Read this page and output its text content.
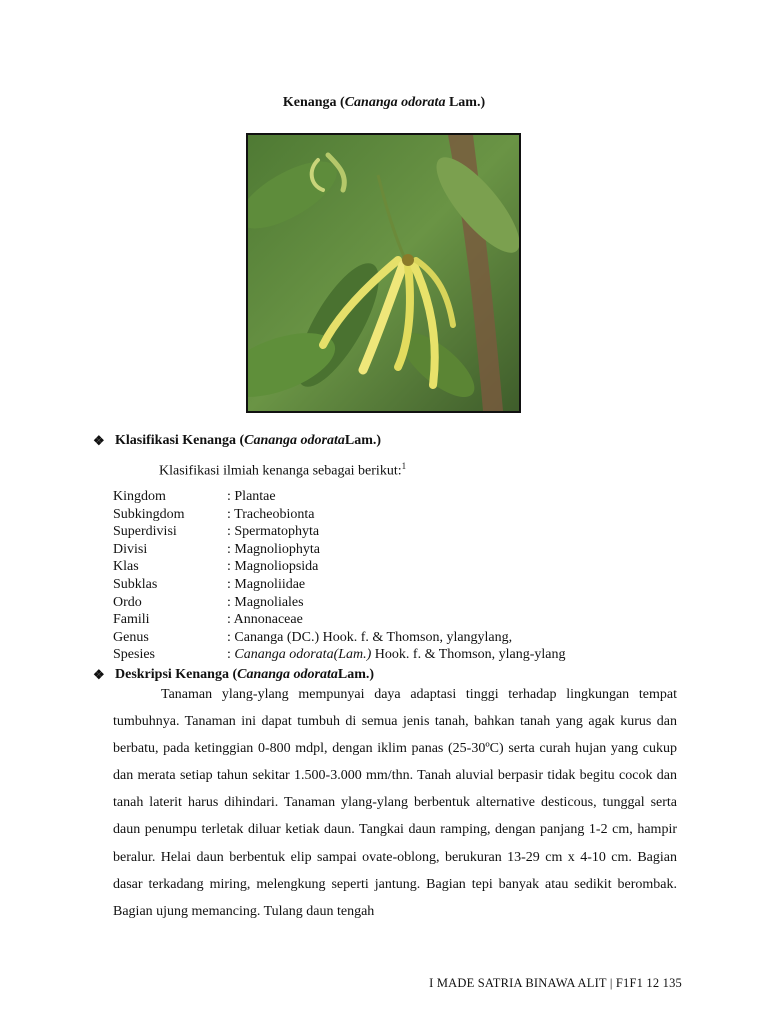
Kenanga (Cananga odorata Lam.)
❖ Klasifikasi Kenanga ( Cananga odorata Lam.)
Klasifikasi ilmiah kenanga sebagai berikut:$^1$
Kingdom	: Plantae
Subkingdom	: Tracheobionta
Superdivisi	: Spermatophyta
Divisi	: Magnoliophyta
Klas	: Magnoliopsida
Subklas	: Magnoliidae
Ordo	: Magnoliales
Famili	: Annonaceae
Genus	: Cananga (DC.) Hook. f. & Thomson, ylangylang,
Spesies	: Cananga odorata(Lam.) Hook. f. & Thomson, ylang-ylang
❖ Deskripsi Kenanga ( Cananga odorata Lam.)
Tanaman ylang-ylang mempunyai daya adaptasi tinggi terhadap lingkungan tempat tumbuhnya. Tanaman ini dapat tumbuh di semua jenis tanah, bahkan tanah yang agak kurus dan berbatu, pada ketinggian 0-800 mdpl, dengan iklim panas (25-30ºC) serta curah hujan yang cukup dan merata setiap tahun sekitar 1.500-3.000 mm/thn. Tanah aluvial berpasir tidak begitu cocok dan tanah laterit harus dihindari. Tanaman ylang-ylang berbentuk alternative desticous, tunggal serta daun penumpu terletak diluar ketiak daun. Tangkai daun ramping, dengan panjang 1-2 cm, hampir beralur. Helai daun berbentuk elip sampai ovate-oblong, berukuran 13-29 cm x 4-10 cm. Bagian dasar terkadang miring, melengkung seperti jantung. Bagian tepi banyak atau sedikit berombak. Bagian ujung memancing. Tulang daun tengah
I MADE SATRIA BINAWA ALIT | F1F1 12 135
